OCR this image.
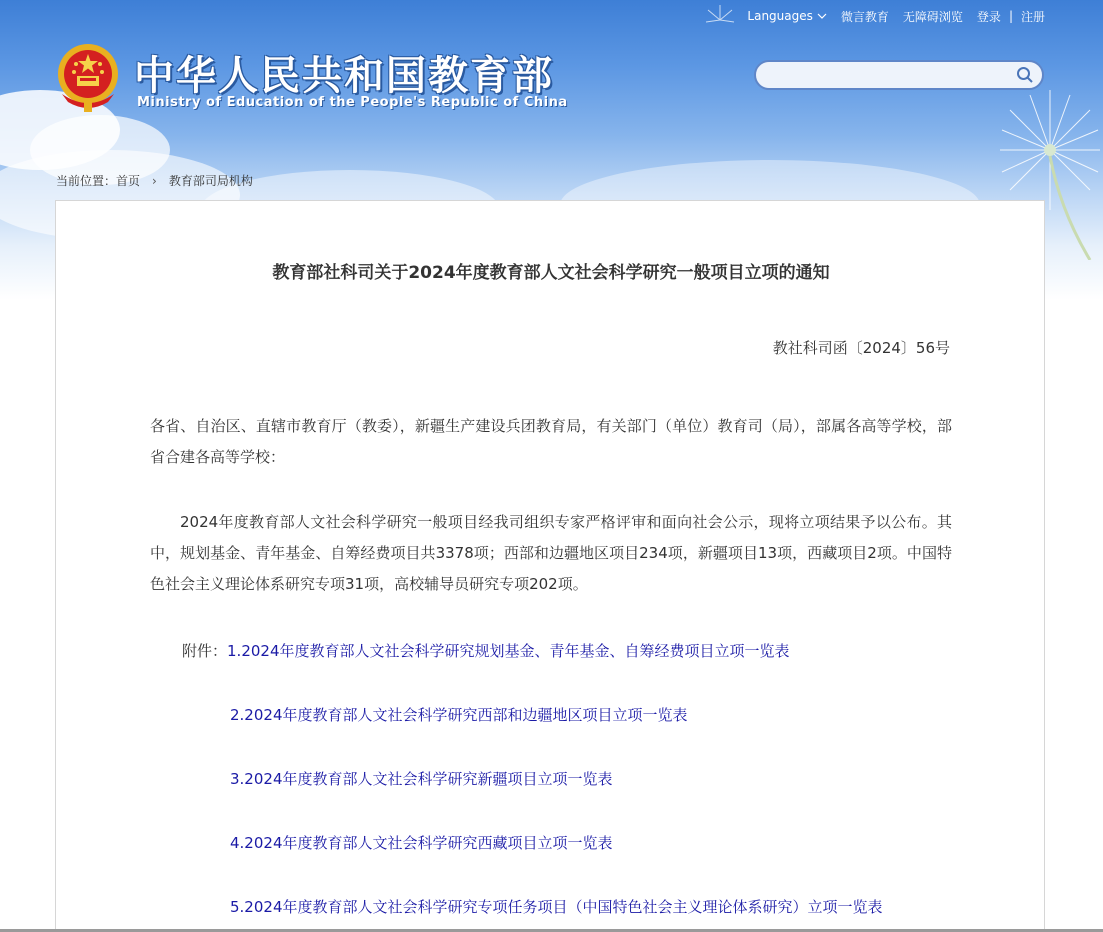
Languages 微言教育 无障碍浏览 登录 | 注册
中华人民共和国教育部
Ministry of Education of the People's Republic of China
当前位置： 首页 › 教育部司局机构
教育部社科司关于2024年度教育部人文社会科学研究一般项目立项的通知
教社科司函〔2024〕56号
各省、自治区、直辖市教育厅（教委），新疆生产建设兵团教育局，有关部门（单位）教育司（局），部属各高等学校，部省合建各高等学校：
2024年度教育部人文社会科学研究一般项目经我司组织专家严格评审和面向社会公示，现将立项结果予以公布。其中，规划基金、青年基金、自筹经费项目共3378项；西部和边疆地区项目234项，新疆项目13项，西藏项目2项。中国特色社会主义理论体系研究专项31项，高校辅导员研究专项202项。
附件：1.2024年度教育部人文社会科学研究规划基金、青年基金、自筹经费项目立项一览表
2.2024年度教育部人文社会科学研究西部和边疆地区项目立项一览表
3.2024年度教育部人文社会科学研究新疆项目立项一览表
4.2024年度教育部人文社会科学研究西藏项目立项一览表
5.2024年度教育部人文社会科学研究专项任务项目（中国特色社会主义理论体系研究）立项一览表
